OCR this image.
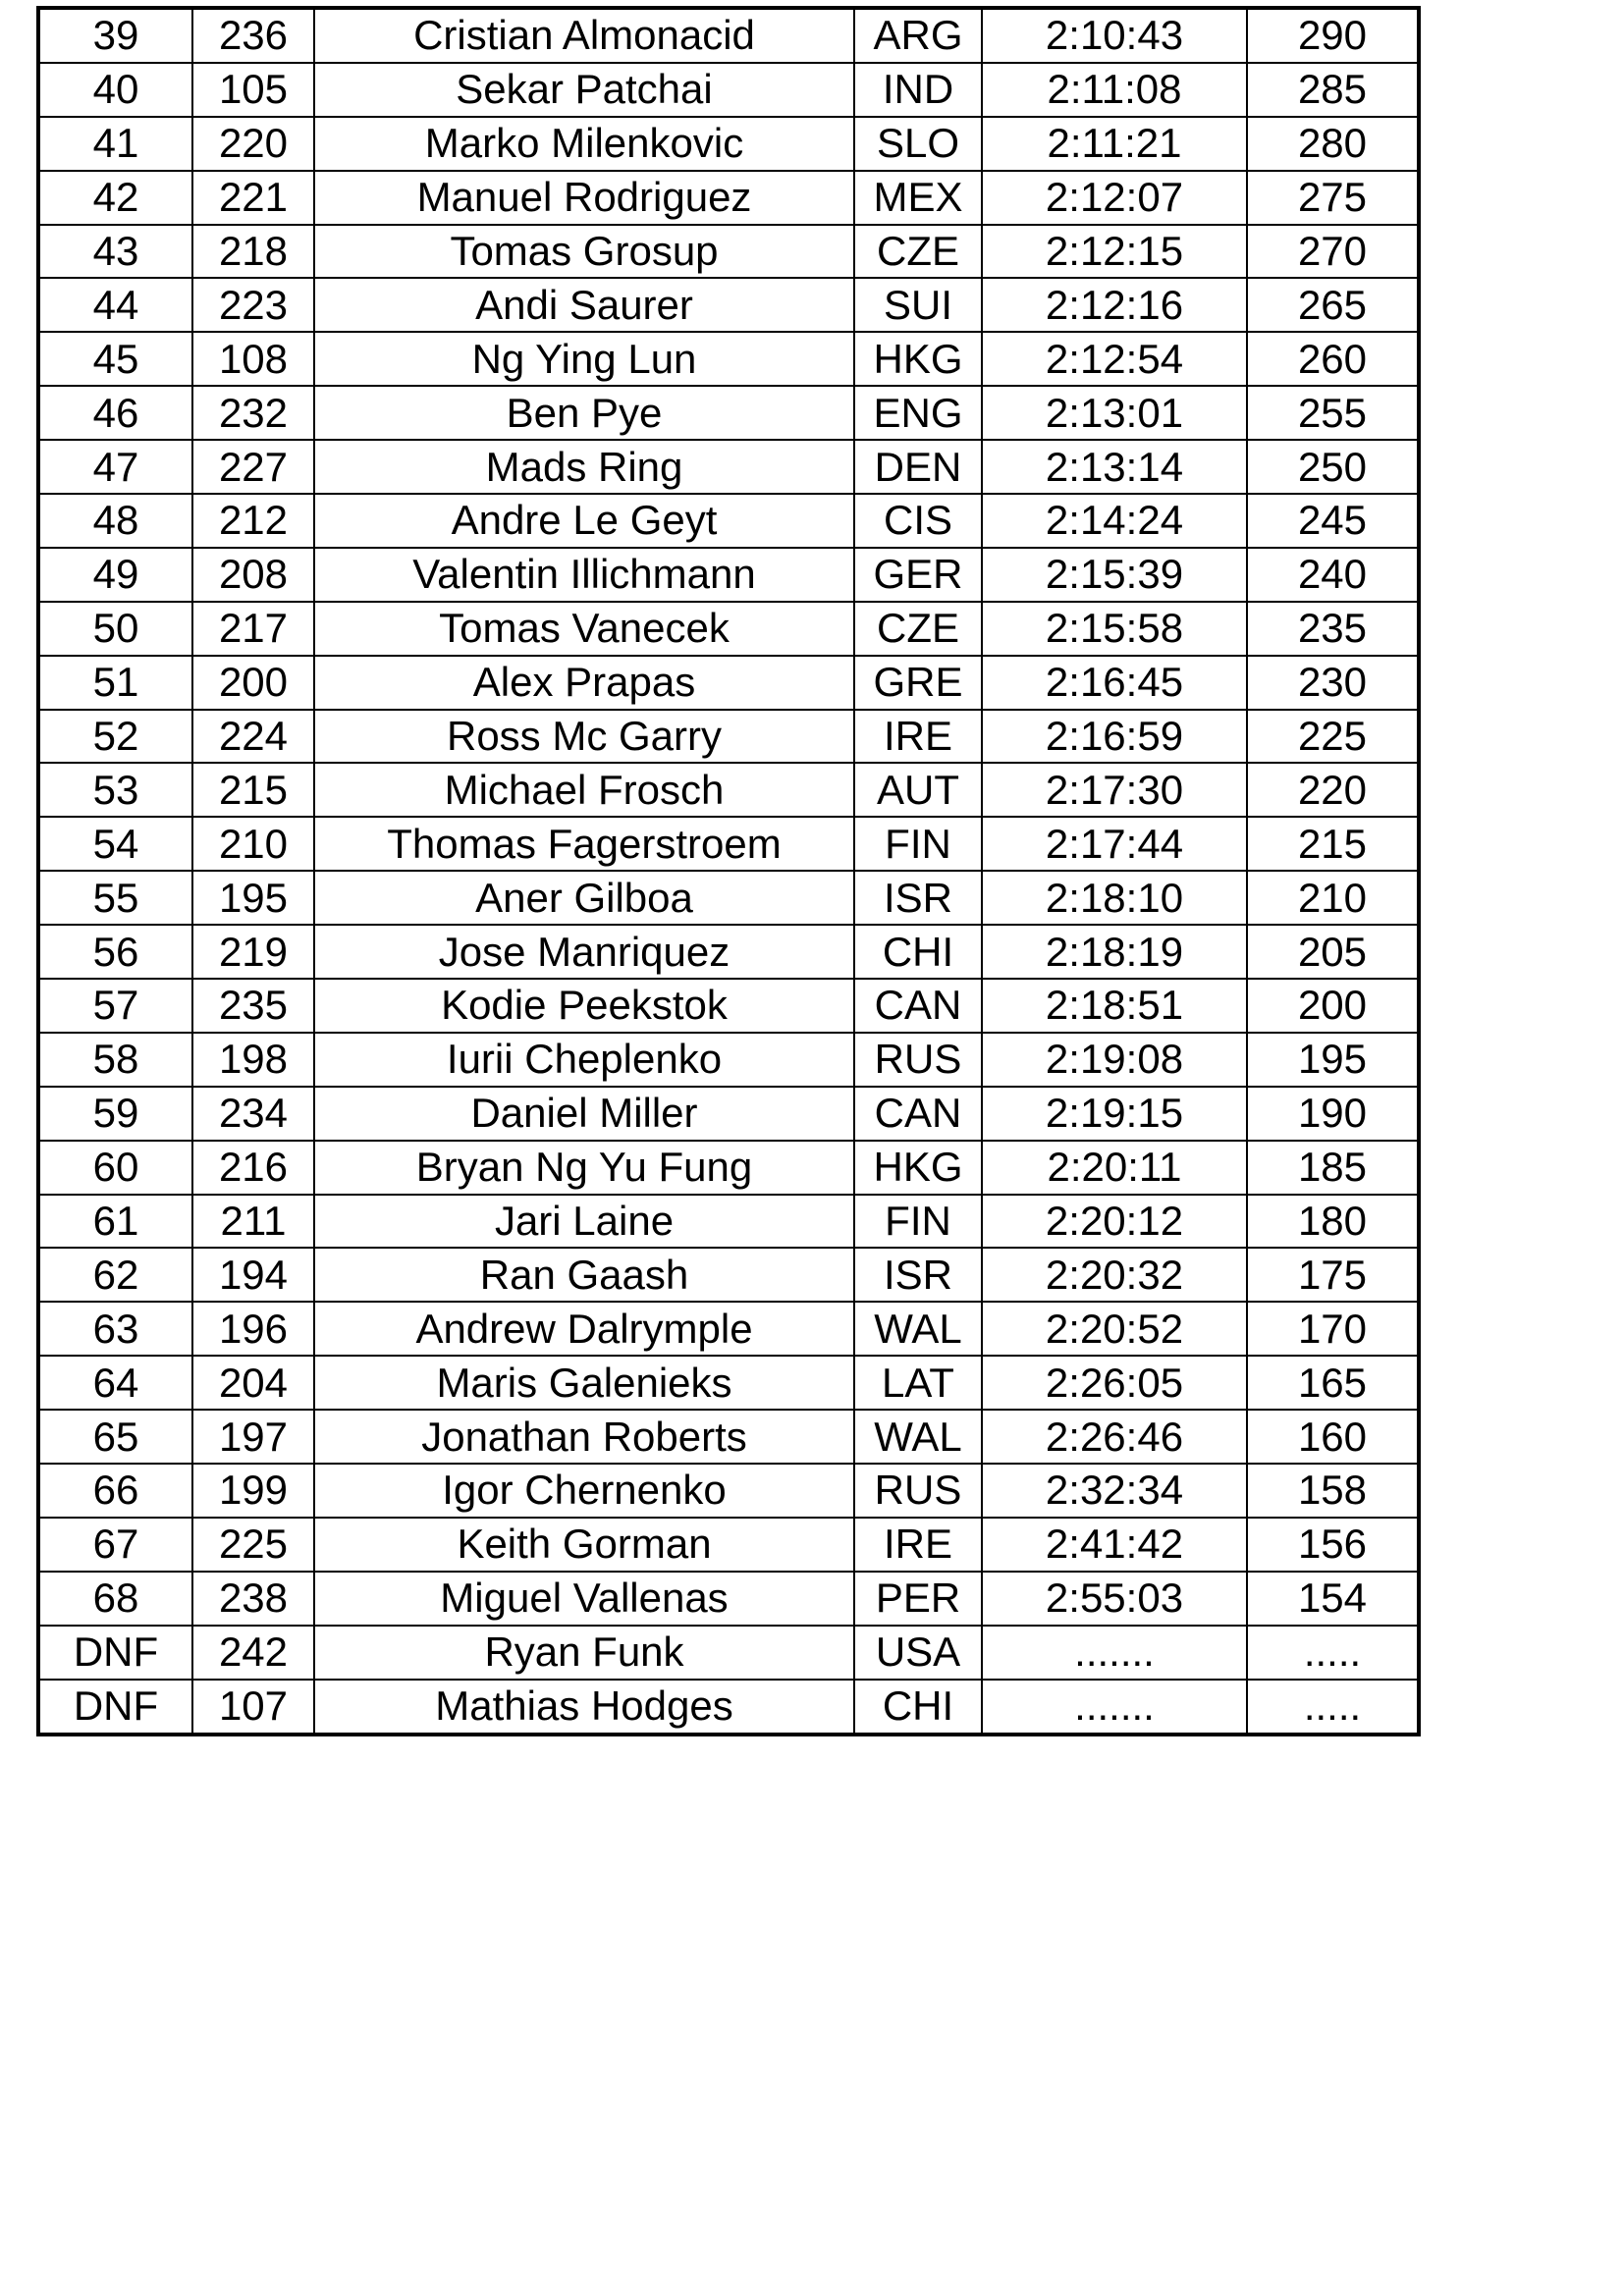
39	236	Cristian Almonacid	ARG	2:10:43	290
40	105	Sekar Patchai	IND	2:11:08	285
41	220	Marko Milenkovic	SLO	2:11:21	280
42	221	Manuel Rodriguez	MEX	2:12:07	275
43	218	Tomas Grosup	CZE	2:12:15	270
44	223	Andi Saurer	SUI	2:12:16	265
45	108	Ng Ying Lun	HKG	2:12:54	260
46	232	Ben Pye	ENG	2:13:01	255
47	227	Mads Ring	DEN	2:13:14	250
48	212	Andre Le Geyt	CIS	2:14:24	245
49	208	Valentin Illichmann	GER	2:15:39	240
50	217	Tomas Vanecek	CZE	2:15:58	235
51	200	Alex Prapas	GRE	2:16:45	230
52	224	Ross Mc Garry	IRE	2:16:59	225
53	215	Michael Frosch	AUT	2:17:30	220
54	210	Thomas Fagerstroem	FIN	2:17:44	215
55	195	Aner Gilboa	ISR	2:18:10	210
56	219	Jose Manriquez	CHI	2:18:19	205
57	235	Kodie Peekstok	CAN	2:18:51	200
58	198	Iurii Cheplenko	RUS	2:19:08	195
59	234	Daniel Miller	CAN	2:19:15	190
60	216	Bryan Ng Yu Fung	HKG	2:20:11	185
61	211	Jari Laine	FIN	2:20:12	180
62	194	Ran Gaash	ISR	2:20:32	175
63	196	Andrew Dalrymple	WAL	2:20:52	170
64	204	Maris Galenieks	LAT	2:26:05	165
65	197	Jonathan Roberts	WAL	2:26:46	160
66	199	Igor Chernenko	RUS	2:32:34	158
67	225	Keith Gorman	IRE	2:41:42	156
68	238	Miguel Vallenas	PER	2:55:03	154
DNF	242	Ryan Funk	USA	.......	.....
DNF	107	Mathias Hodges	CHI	.......	.....
